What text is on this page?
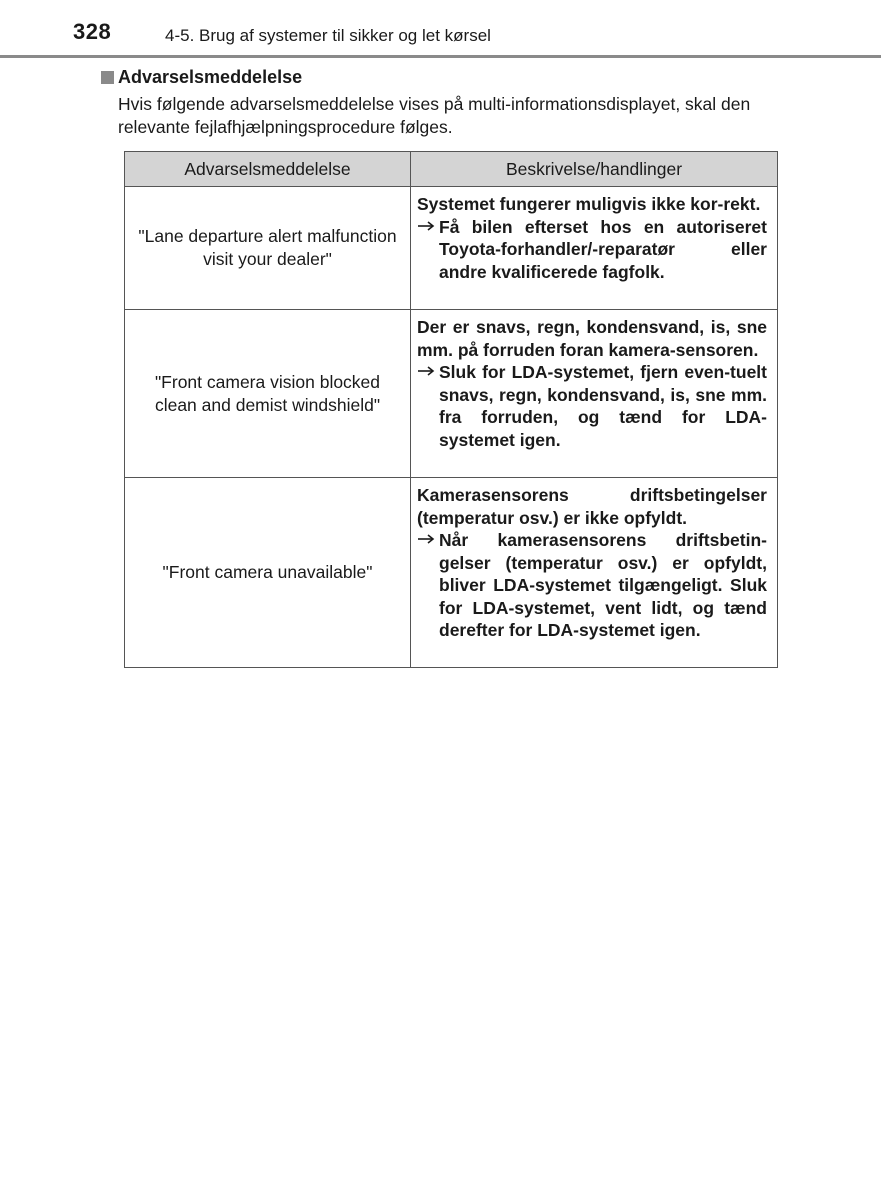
328	4-5. Brug af systemer til sikker og let kørsel
Advarselsmeddelelse
Hvis følgende advarselsmeddelelse vises på multi-informationsdisplayet, skal den relevante fejlafhjælpningsprocedure følges.
Advarselsmeddelelse	Beskrivelse/handlinger
"Lane departure alert malfunction visit your dealer"	Systemet fungerer muligvis ikke kor-rekt.
Få bilen efterset hos en autoriseret Toyota-forhandler/-reparatør eller andre kvalificerede fagfolk.

"Front camera vision blocked clean and demist windshield"	Der er snavs, regn, kondensvand, is, sne mm. på forruden foran kamera-sensoren.
Sluk for LDA-systemet, fjern even-tuelt snavs, regn, kondensvand, is, sne mm. fra forruden, og tænd for LDA-systemet igen.

"Front camera unavailable"	Kamerasensorens driftsbetingelser (temperatur osv.) er ikke opfyldt.
Når kamerasensorens driftsbetin-gelser (temperatur osv.) er opfyldt, bliver LDA-systemet tilgængeligt. Sluk for LDA-systemet, vent lidt, og tænd derefter for LDA-systemet igen.
